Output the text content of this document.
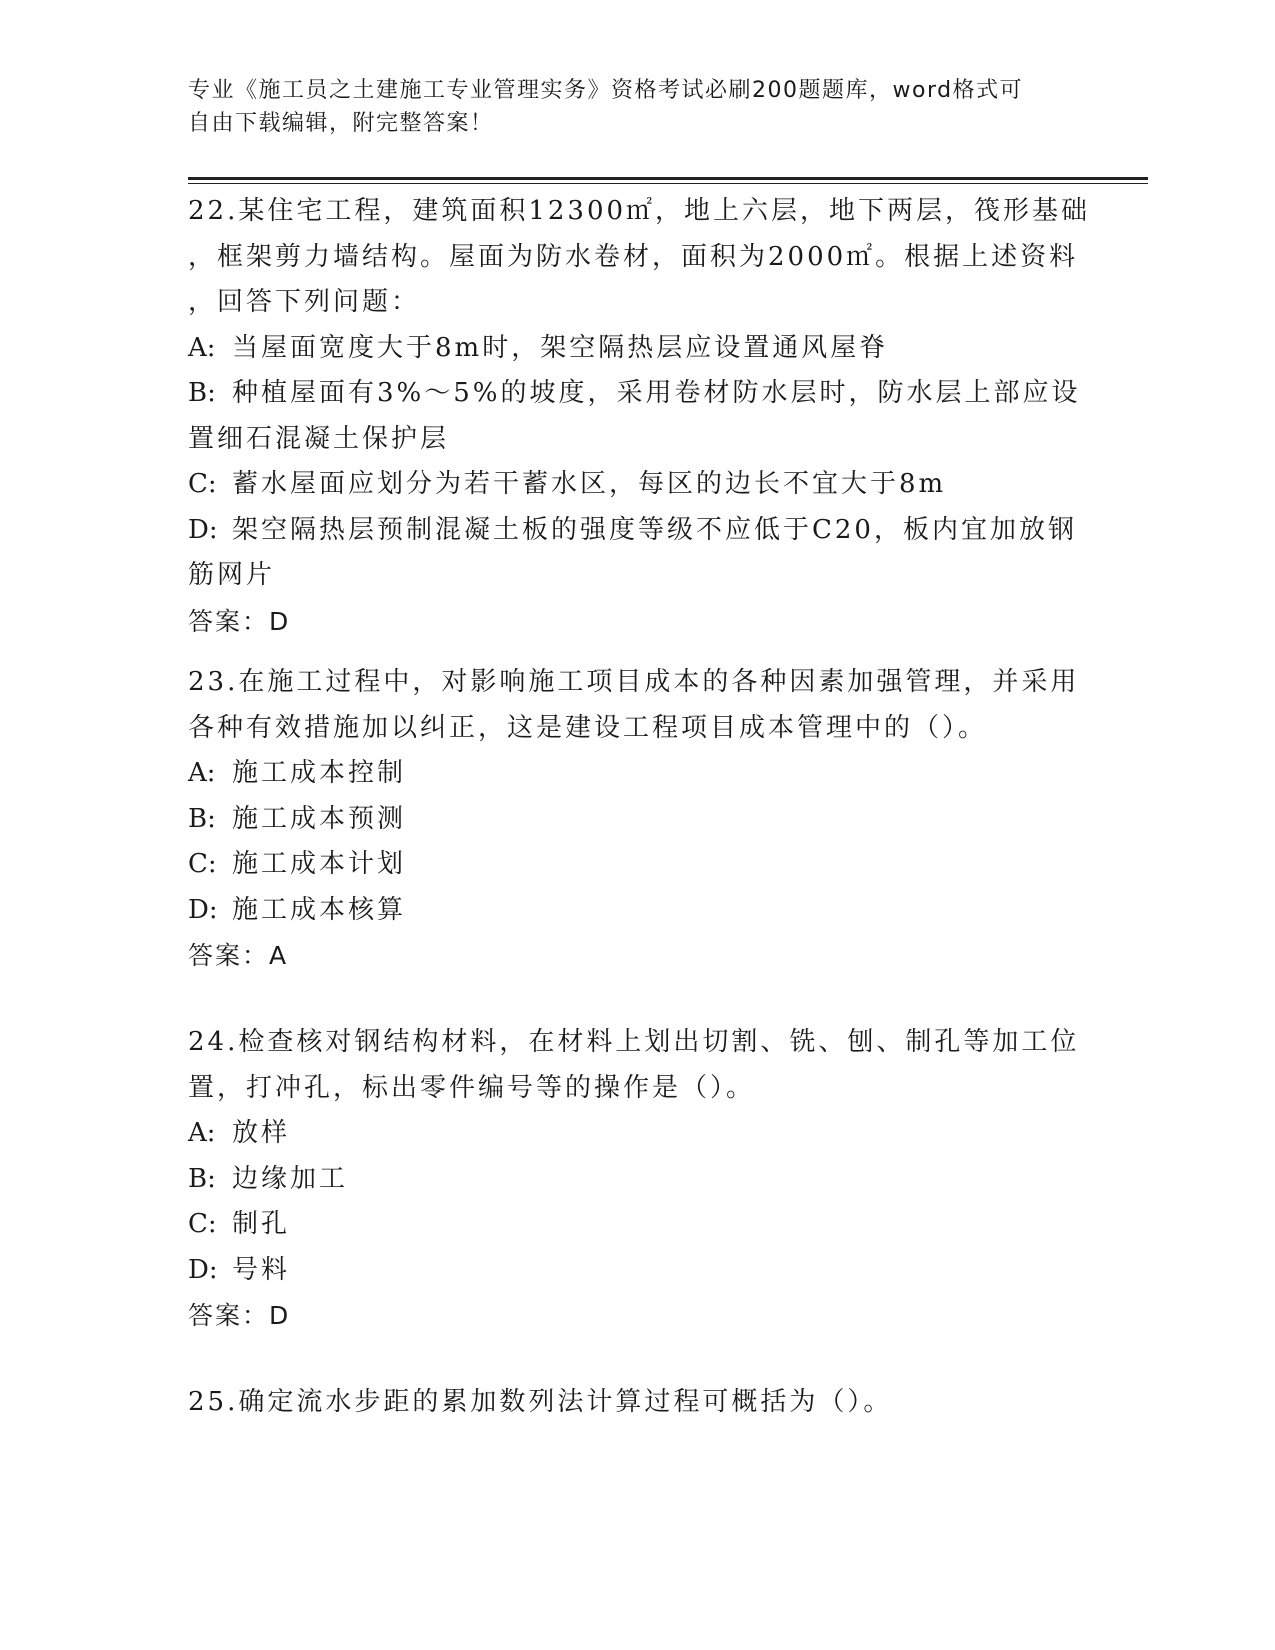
专业《施工员之土建施工专业管理实务》资格考试必刷200题题库，word格式可
自由下载编辑，附完整答案！
22.某住宅工程，建筑面积12300㎡，地上六层，地下两层，筏形基础
，框架剪力墙结构。屋面为防水卷材，面积为2000㎡。根据上述资料
，回答下列问题：
A: 当屋面宽度大于8m时，架空隔热层应设置通风屋脊
B: 种植屋面有3%～5%的坡度，采用卷材防水层时，防水层上部应设
置细石混凝土保护层
C: 蓄水屋面应划分为若干蓄水区，每区的边长不宜大于8m
D: 架空隔热层预制混凝土板的强度等级不应低于C20，板内宜加放钢
筋网片
答案：D
23.在施工过程中，对影响施工项目成本的各种因素加强管理，并采用
各种有效措施加以纠正，这是建设工程项目成本管理中的（）。
A: 施工成本控制
B: 施工成本预测
C: 施工成本计划
D: 施工成本核算
答案：A
24.检查核对钢结构材料，在材料上划出切割、铣、刨、制孔等加工位
置，打冲孔，标出零件编号等的操作是（）。
A: 放样
B: 边缘加工
C: 制孔
D: 号料
答案：D
25.确定流水步距的累加数列法计算过程可概括为（）。
